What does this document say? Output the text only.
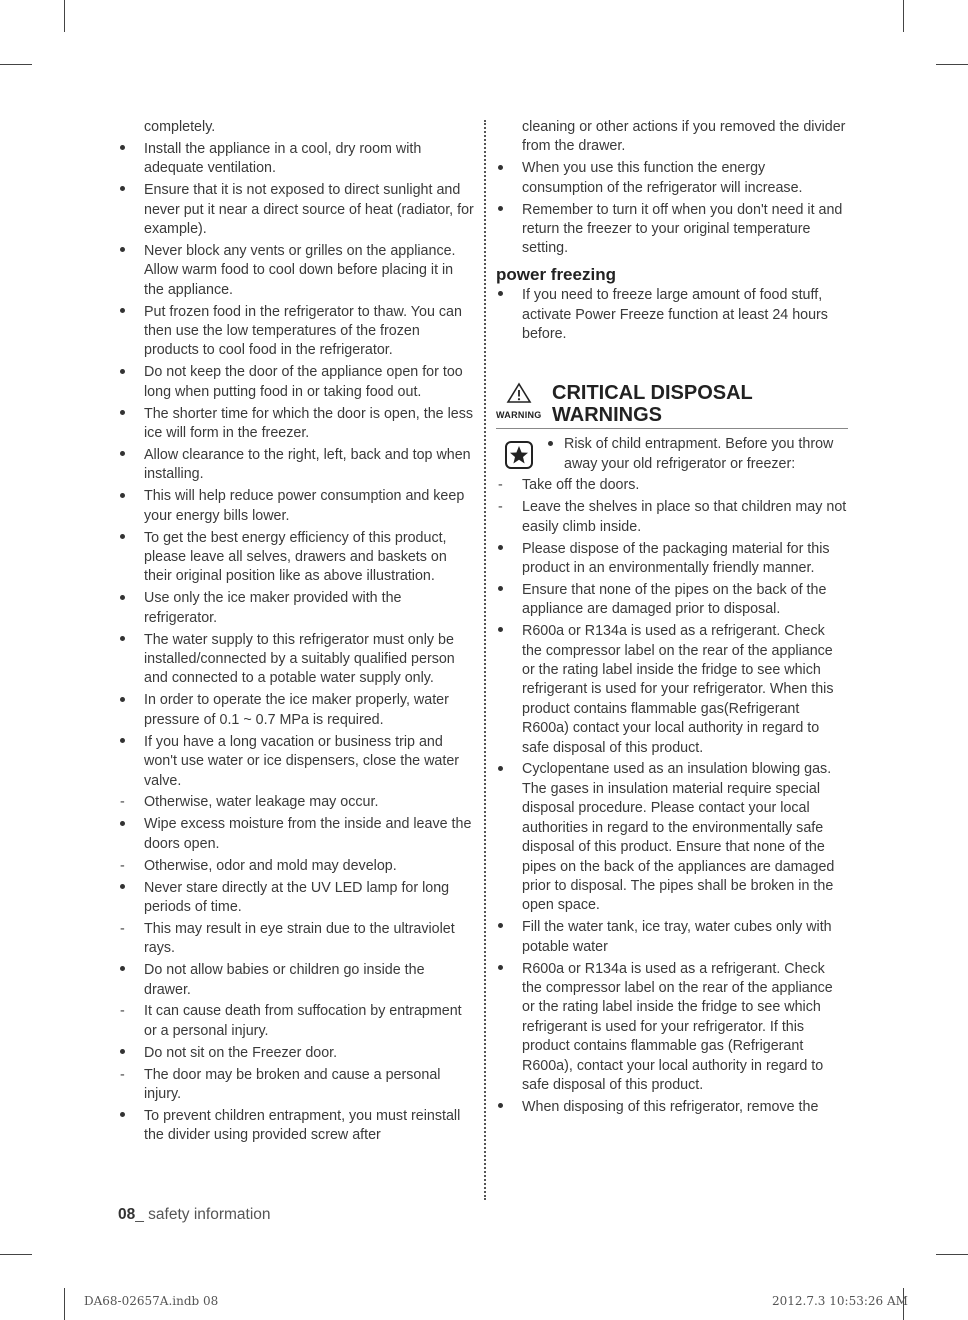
completely.
Install the appliance in a cool, dry room with adequate ventilation.
Ensure that it is not exposed to direct sunlight and never put it near a direct source of heat (radiator, for example).
Never block any vents or grilles on the appliance. Allow warm food to cool down before placing it in the appliance.
Put frozen food in the refrigerator to thaw. You can then use the low temperatures of the frozen products to cool food in the refrigerator.
Do not keep the door of the appliance open for too long when putting food in or taking food out.
The shorter time for which the door is open, the less ice will form in the freezer.
Allow clearance to the right, left, back and top when installing.
This will help reduce power consumption and keep your energy bills lower.
To get the best energy efficiency of this product, please leave all selves, drawers and baskets on their original position like as above illustration.
Use only the ice maker provided with the refrigerator.
The water supply to this refrigerator must only be installed/connected by a suitably qualified person and connected to a potable water supply only.
In order to operate the ice maker properly, water pressure of 0.1 ~ 0.7 MPa is required.
If you have a long vacation or business trip and won't use water or ice dispensers, close the water valve.
-
Otherwise, water leakage may occur.
Wipe excess moisture from the inside and leave the doors open.
-
Otherwise, odor and mold may develop.
Never stare directly at the UV LED lamp for long periods of time.
-
This may result in eye strain due to the ultraviolet rays.
Do not allow babies or children go inside the drawer.
-
It can cause death from suffocation by entrapment or a personal injury.
Do not sit on the Freezer door.
-
The door may be broken and cause a personal injury.
To prevent children entrapment, you must reinstall the divider using provided screw after
cleaning or other actions if you removed the divider from the drawer.
When you use this function the energy consumption of the refrigerator will increase.
Remember to turn it off when you don't need it and return the freezer to your original temperature setting.
power freezing
If you need to freeze large amount of food stuff, activate Power Freeze function at least 24 hours before.
WARNING
CRITICAL DISPOSAL
WARNINGS
Risk of child entrapment. Before you throw away your old refrigerator or freezer:
-
Take off the doors.
-
Leave the shelves in place so that children may not easily climb inside.
Please dispose of the packaging material for this product in an environmentally friendly manner.
Ensure that none of the pipes on the back of the appliance are damaged prior to disposal.
R600a or R134a is used as a refrigerant. Check the compressor label on the rear of the appliance or the rating label inside the fridge to see which refrigerant is used for your refrigerator. When this product contains flammable gas(Refrigerant R600a) contact your local authority in regard to safe disposal of this product.
Cyclopentane used as an insulation blowing gas. The gases in insulation material require special disposal procedure. Please contact your local authorities in regard to the environmentally safe disposal of this product. Ensure that none of the pipes on the back of the appliances are damaged prior to disposal. The pipes shall be broken in the open space.
Fill the water tank, ice tray, water cubes only with potable water
R600a or R134a is used as a refrigerant. Check the compressor label on the rear of the appliance or the rating label inside the fridge to see which refrigerant is used for your refrigerator. If this product contains flammable gas (Refrigerant R600a), contact your local authority in regard to safe disposal of this product.
When disposing of this refrigerator, remove the
08_ safety information
DA68-02657A.indb 08	2012.7.3 10:53:26 AM
